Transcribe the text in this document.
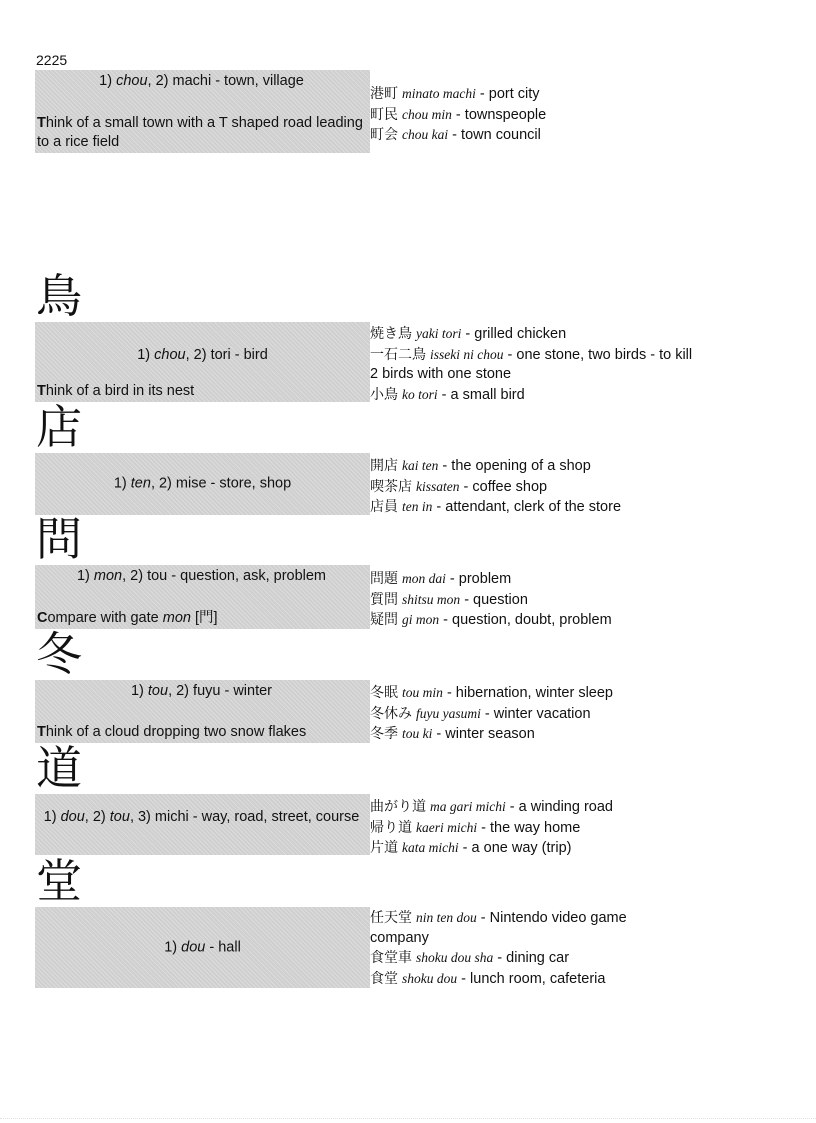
2225
1) chou, 2) machi - town, village
Think of a small town with a T shaped road leading to a rice field
港町 minato machi - port city
町民 chou min - townspeople
町会 chou kai - town council
鳥
1) chou, 2) tori - bird
Think of a bird in its nest
焼き鳥 yaki tori - grilled chicken
一石二鳥 isseki ni chou - one stone, two birds - to kill 2 birds with one stone
小鳥 ko tori - a small bird
店
1) ten, 2) mise - store, shop
開店 kai ten - the opening of a shop
喫茶店 kissaten - coffee shop
店員 ten in - attendant, clerk of the store
問
1) mon, 2) tou - question, ask, problem
Compare with gate mon [門]
問題 mon dai - problem
質問 shitsu mon - question
疑問 gi mon - question, doubt, problem
冬
1) tou, 2) fuyu - winter
Think of a cloud dropping two snow flakes
冬眠 tou min - hibernation, winter sleep
冬休み fuyu yasumi - winter vacation
冬季 tou ki - winter season
道
1) dou, 2) tou, 3) michi - way, road, street, course
曲がり道 ma gari michi - a winding road
帰り道 kaeri michi - the way home
片道 kata michi - a one way (trip)
堂
1) dou - hall
任天堂 nin ten dou - Nintendo video game company
食堂車 shoku dou sha - dining car
食堂 shoku dou - lunch room, cafeteria
